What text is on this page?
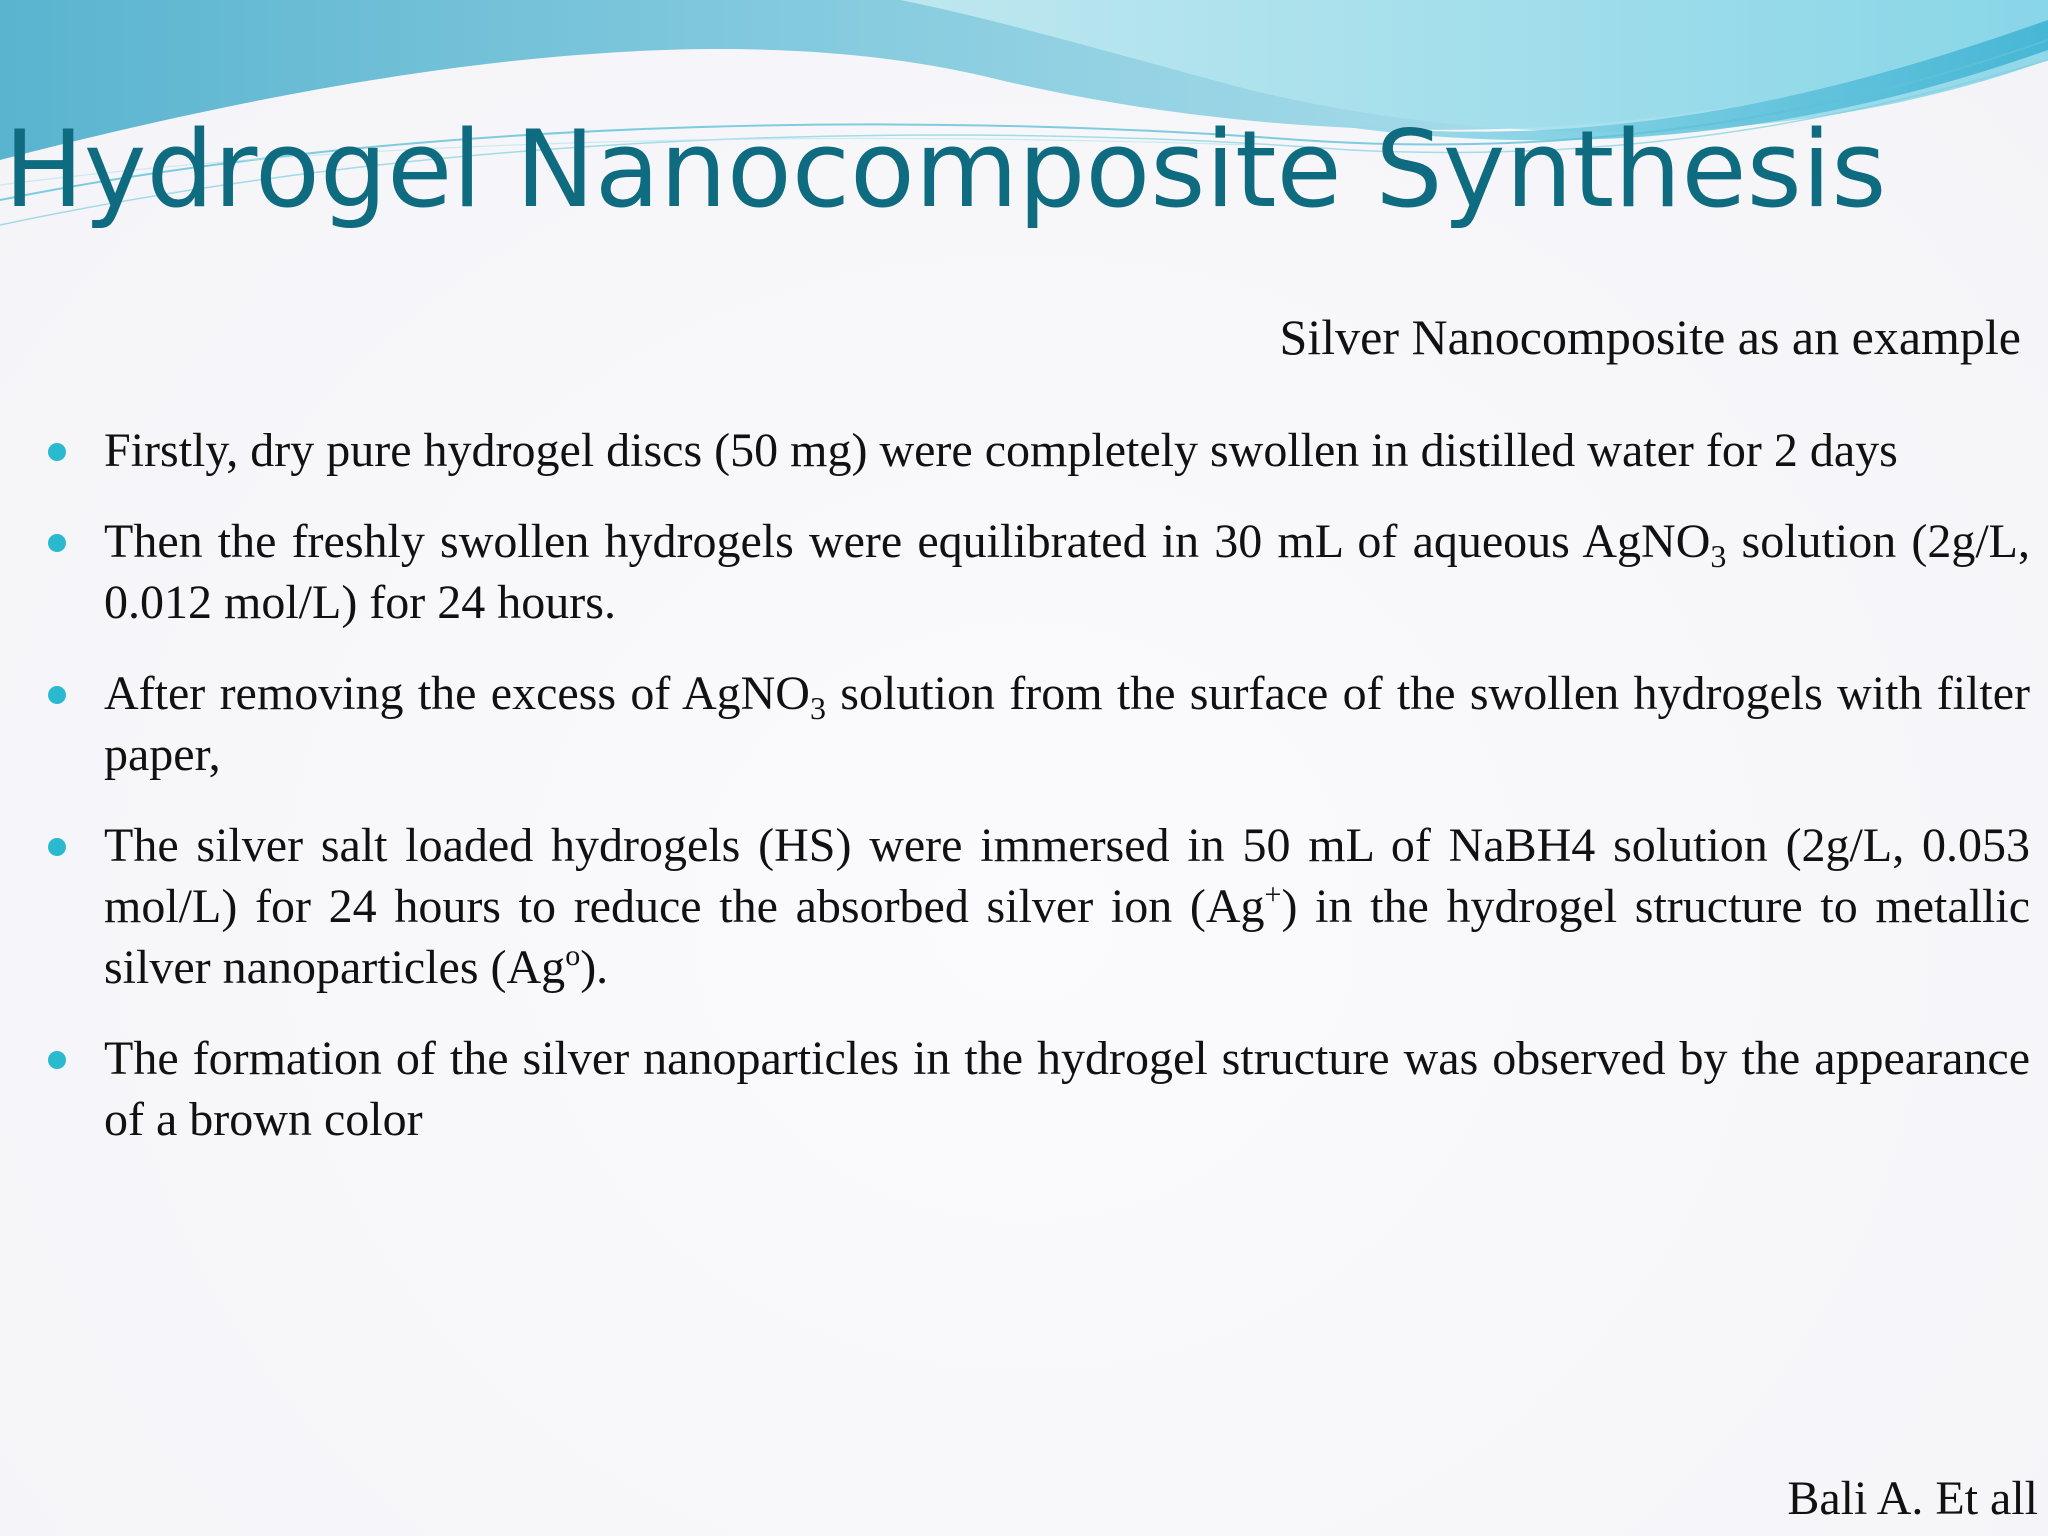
Hydrogel Nanocomposite Synthesis
Silver Nanocomposite as an example
Firstly, dry pure hydrogel discs (50 mg) were completely swollen in distilled water for 2 days
Then the freshly swollen hydrogels were equilibrated in 30 mL of aqueous AgNO$_3$ solution (2g/L, 0.012 mol/L) for 24 hours.
After removing the excess of AgNO$_3$ solution from the surface of the swollen hydrogels with filter paper,
The silver salt loaded hydrogels (HS) were immersed in 50 mL of NaBH4 solution (2g/L, 0.053 mol/L) for 24 hours to reduce the absorbed silver ion (Ag+) in the hydrogel structure to metallic silver nanoparticles (Ag$^o$).
The formation of the silver nanoparticles in the hydrogel structure was observed by the appearance of a brown color
Bali A. Et all
